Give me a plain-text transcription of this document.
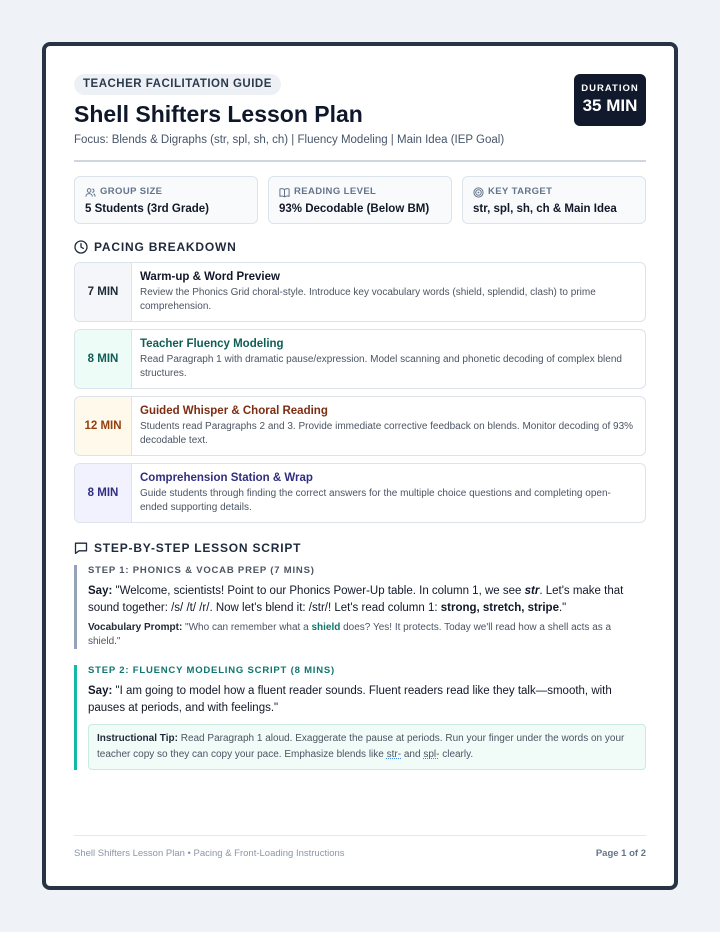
TEACHER FACILITATION GUIDE
Shell Shifters Lesson Plan
Focus: Blends & Digraphs (str, spl, sh, ch) | Fluency Modeling | Main Idea (IEP Goal)
DURATION
35 MIN
GROUP SIZE
5 Students (3rd Grade)
READING LEVEL
93% Decodable (Below BM)
KEY TARGET
str, spl, sh, ch & Main Idea
PACING BREAKDOWN
7 MIN
Warm-up & Word Preview
Review the Phonics Grid choral-style. Introduce key vocabulary words (shield, splendid, clash) to prime comprehension.
8 MIN
Teacher Fluency Modeling
Read Paragraph 1 with dramatic pause/expression. Model scanning and phonetic decoding of complex blend structures.
12 MIN
Guided Whisper & Choral Reading
Students read Paragraphs 2 and 3. Provide immediate corrective feedback on blends. Monitor decoding of 93% decodable text.
8 MIN
Comprehension Station & Wrap
Guide students through finding the correct answers for the multiple choice questions and completing open-ended supporting details.
STEP-BY-STEP LESSON SCRIPT
STEP 1: PHONICS & VOCAB PREP (7 MINS)
Say: "Welcome, scientists! Point to our Phonics Power-Up table. In column 1, we see str. Let's make that sound together: /s/ /t/ /r/. Now let's blend it: /str/! Let's read column 1: strong, stretch, stripe."
Vocabulary Prompt: "Who can remember what a shield does? Yes! It protects. Today we'll read how a shell acts as a shield."
STEP 2: FLUENCY MODELING SCRIPT (8 MINS)
Say: "I am going to model how a fluent reader sounds. Fluent readers read like they talk—smooth, with pauses at periods, and with feelings."
Instructional Tip: Read Paragraph 1 aloud. Exaggerate the pause at periods. Run your finger under the words on your teacher copy so they can copy your pace. Emphasize blends like str- and spl- clearly.
Shell Shifters Lesson Plan • Pacing & Front-Loading Instructions	Page 1 of 2
